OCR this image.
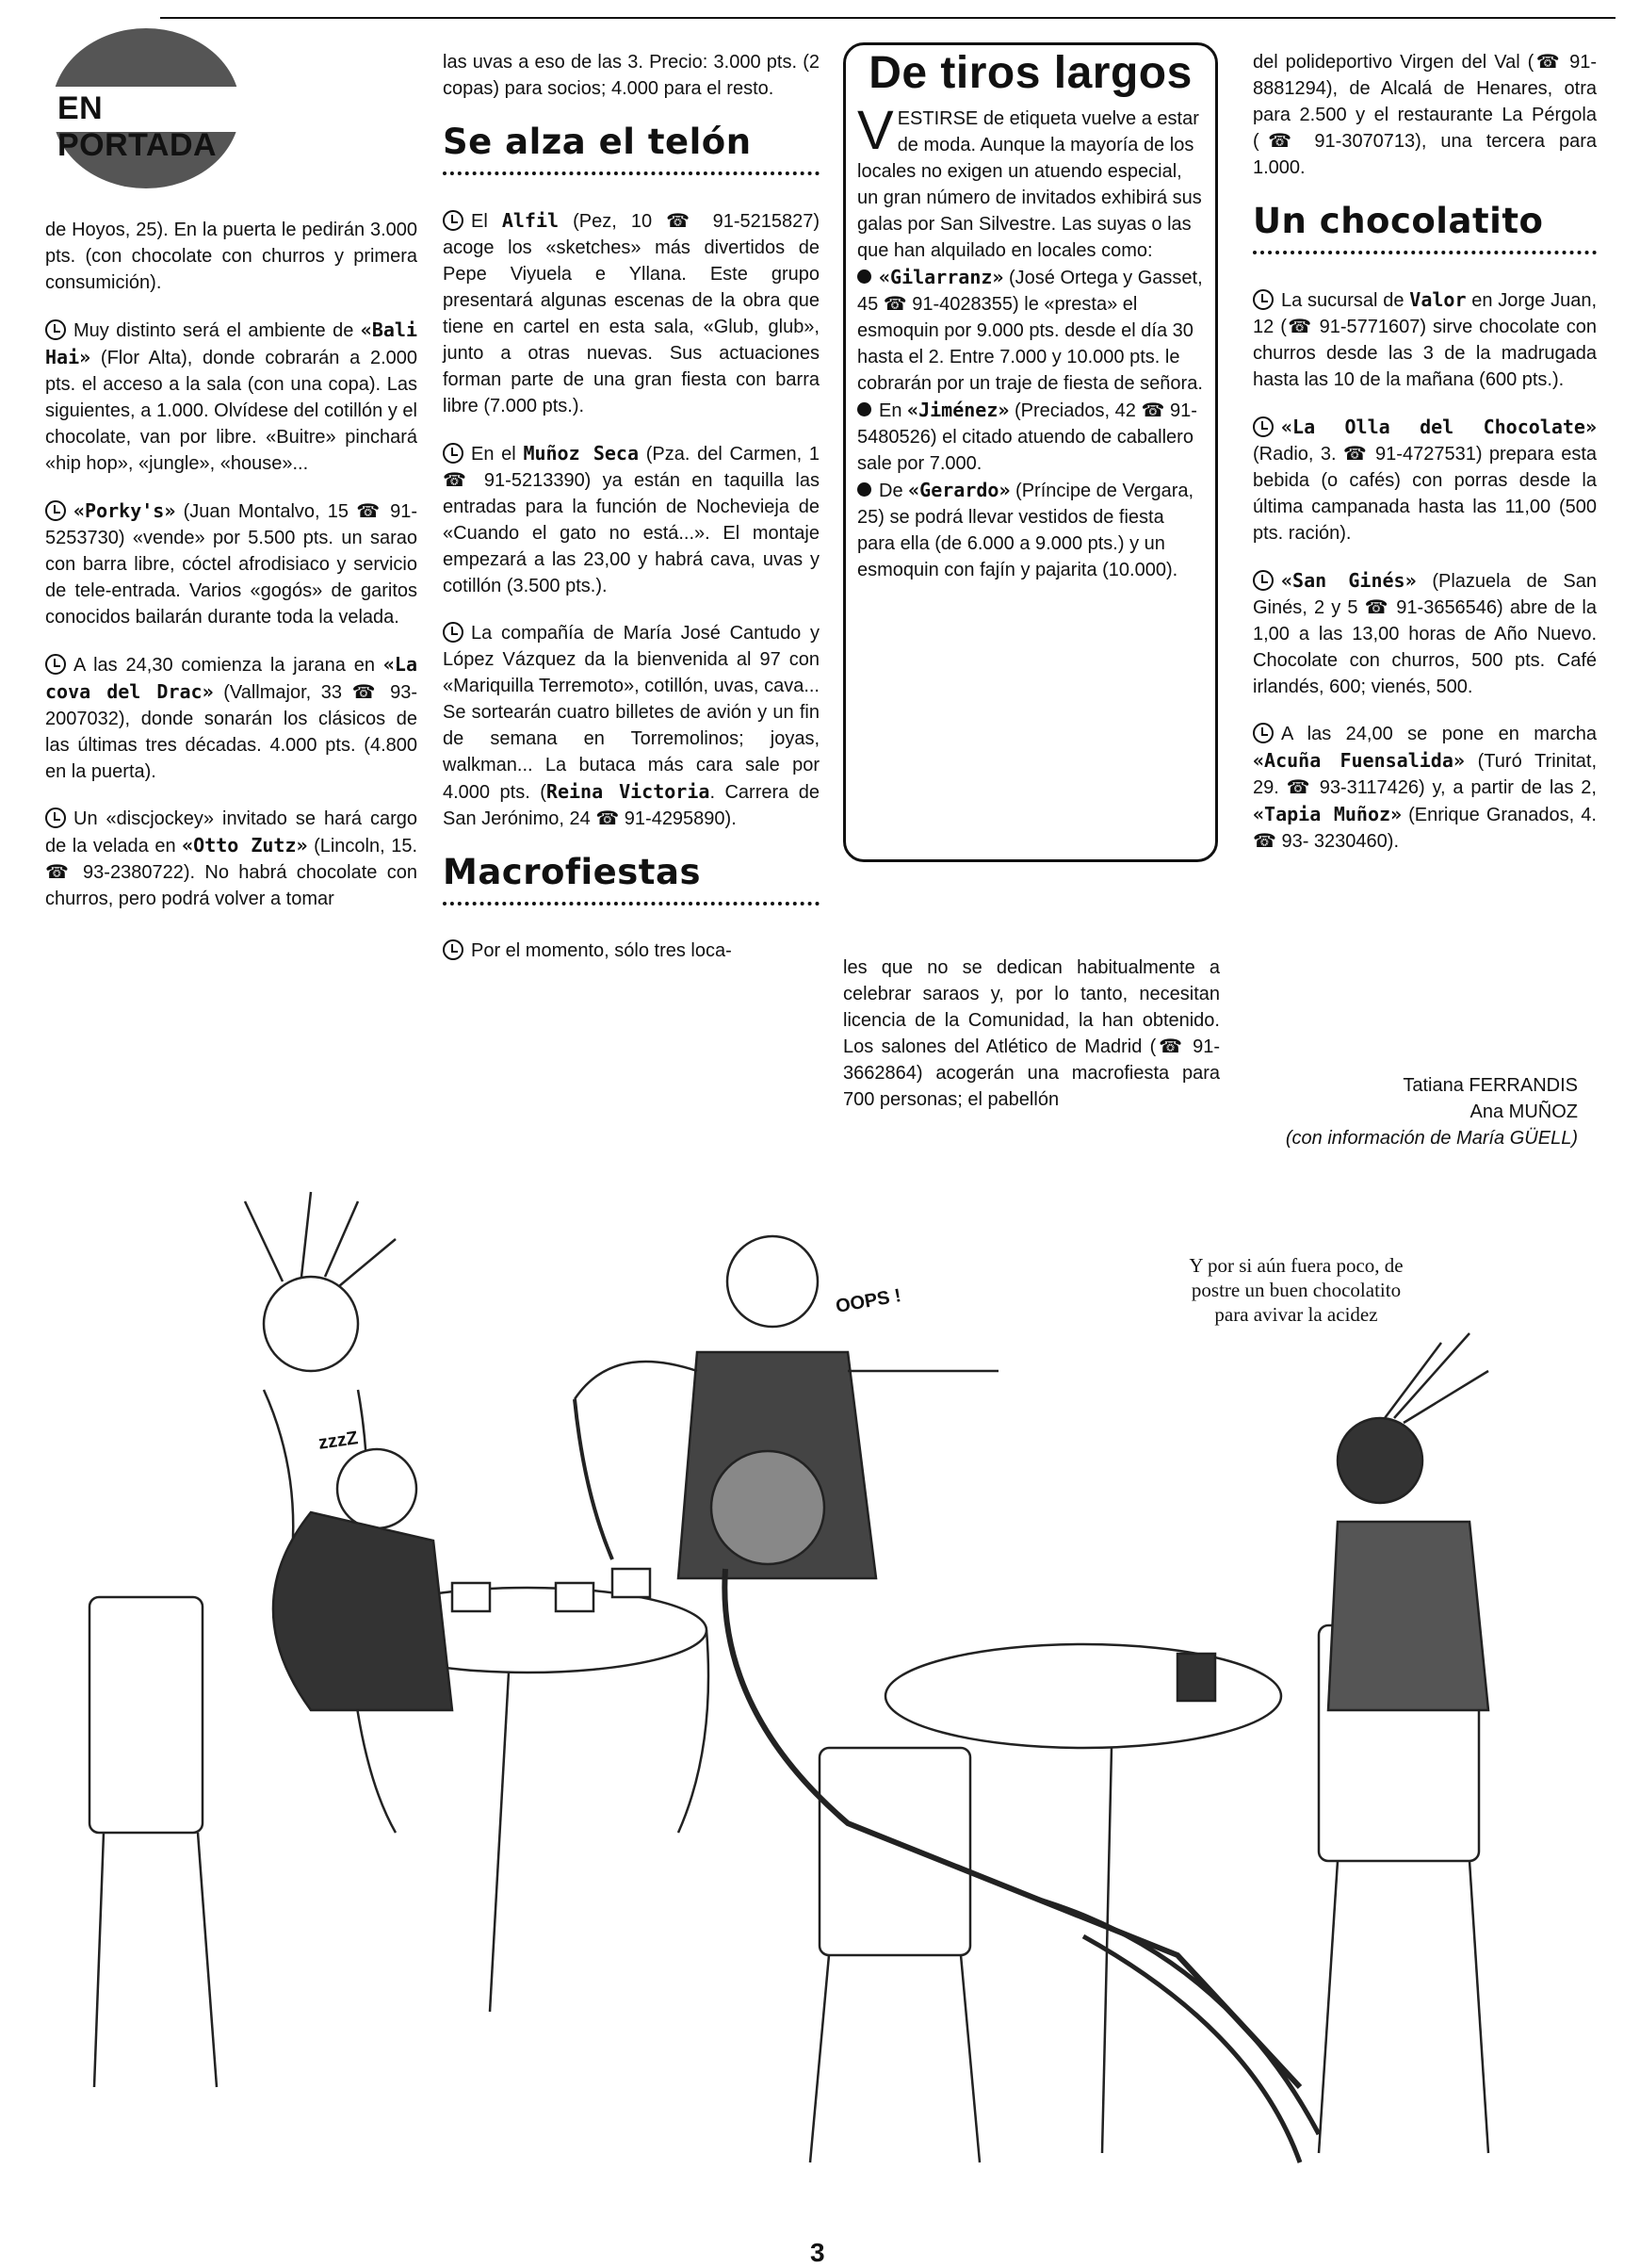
EN PORTADA

de Hoyos, 25). En la puerta le pedirán 3.000 pts. (con chocolate con churros y primera consumición).

Muy distinto será el ambiente de «Bali Hai» (Flor Alta), donde cobrarán a 2.000 pts. el acceso a la sala (con una copa). Las siguientes, a 1.000. Olvídese del cotillón y el chocolate, van por libre. «Buitre» pinchará «hip hop», «jungle», «house»...

«Porky's» (Juan Montalvo, 15 ☎ 91-5253730) «vende» por 5.500 pts. un sarao con barra libre, cóctel afrodisiaco y servicio de tele-entrada. Varios «gogós» de garitos conocidos bailarán durante toda la velada.

A las 24,30 comienza la jarana en «La cova del Drac» (Vallmajor, 33 ☎ 93-2007032), donde sonarán los clásicos de las últimas tres décadas. 4.000 pts. (4.800 en la puerta).

Un «discjockey» invitado se hará cargo de la velada en «Otto Zutz» (Lincoln, 15. ☎ 93-2380722). No habrá chocolate con churros, pero podrá volver a tomar

las uvas a eso de las 3. Precio: 3.000 pts. (2 copas) para socios; 4.000 para el resto.

Se alza el telón

El Alfil (Pez, 10 ☎ 91-5215827) acoge los «sketches» más divertidos de Pepe Viyuela e Yllana. Este grupo presentará algunas escenas de la obra que tiene en cartel en esta sala, «Glub, glub», junto a otras nuevas. Sus actuaciones forman parte de una gran fiesta con barra libre (7.000 pts.).

En el Muñoz Seca (Pza. del Carmen, 1 ☎ 91-5213390) ya están en taquilla las entradas para la función de Nochevieja de «Cuando el gato no está...». El montaje empezará a las 23,00 y habrá cava, uvas y cotillón (3.500 pts.).

La compañía de María José Cantudo y López Vázquez da la bienvenida al 97 con «Mariquilla Terremoto», cotillón, uvas, cava... Se sortearán cuatro billetes de avión y un fin de semana en Torremolinos; joyas, walkman... La butaca más cara sale por 4.000 pts. (Reina Victoria. Carrera de San Jerónimo, 24 ☎ 91-4295890).

Macrofiestas

Por el momento, sólo tres loca-

De tiros largos

VESTIRSE de etiqueta vuelve a estar de moda. Aunque la mayoría de los locales no exigen un atuendo especial, un gran número de invitados exhibirá sus galas por San Silvestre. Las suyas o las que han alquilado en locales como:

«Gilarranz» (José Ortega y Gasset, 45 ☎ 91-4028355) le «presta» el esmoquin por 9.000 pts. desde el día 30 hasta el 2. Entre 7.000 y 10.000 pts. le cobrarán por un traje de fiesta de señora.

En «Jiménez» (Preciados, 42 ☎ 91-5480526) el citado atuendo de caballero sale por 7.000.

De «Gerardo» (Príncipe de Vergara, 25) se podrá llevar vestidos de fiesta para ella (de 6.000 a 9.000 pts.) y un esmoquin con fajín y pajarita (10.000).

les que no se dedican habitualmente a celebrar saraos y, por lo tanto, necesitan licencia de la Comunidad, la han obtenido. Los salones del Atlético de Madrid (☎ 91-3662864) acogerán una macrofiesta para 700 personas; el pabellón

del polideportivo Virgen del Val (☎ 91-8881294), de Alcalá de Henares, otra para 2.500 y el restaurante La Pérgola (☎ 91-3070713), una tercera para 1.000.

Un chocolatito

La sucursal de Valor en Jorge Juan, 12 (☎ 91-5771607) sirve chocolate con churros desde las 3 de la madrugada hasta las 10 de la mañana (600 pts.).

«La Olla del Chocolate» (Radio, 3. ☎ 91-4727531) prepara esta bebida (o cafés) con porras desde la última campanada hasta las 11,00 (500 pts. ración).

«San Ginés» (Plazuela de San Ginés, 2 y 5 ☎ 91-3656546) abre de la 1,00 a las 13,00 horas de Año Nuevo. Chocolate con churros, 500 pts. Café irlandés, 600; vienés, 500.

A las 24,00 se pone en marcha «Acuña Fuensalida» (Turó Trinitat, 29. ☎ 93-3117426) y, a partir de las 2, «Tapia Muñoz» (Enrique Granados, 4. ☎ 93- 3230460).

Tatiana FERRANDIS
Ana MUÑOZ
(con información de María GÜELL)
OOPS !
zzzZ
Y por si aún fuera poco, de postre un buen chocolatito para avivar la acidez
3
